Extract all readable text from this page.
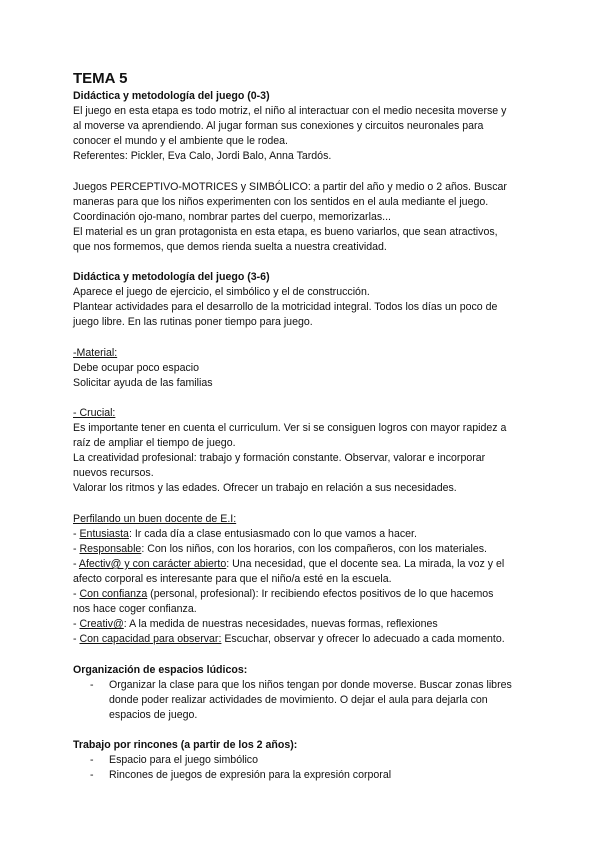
TEMA 5
Didáctica y metodología del juego (0-3)
El juego en esta etapa es todo motriz, el niño al interactuar con el medio necesita moverse y
al moverse va aprendiendo. Al jugar forman sus conexiones y circuitos neuronales para
conocer el mundo y el ambiente que le rodea.
Referentes: Pickler, Eva Calo, Jordi Balo, Anna Tardós.
Juegos PERCEPTIVO-MOTRICES y SIMBÓLICO: a partir del año y medio o 2 años. Buscar
maneras para que los niños experimenten con los sentidos en el aula mediante el juego.
Coordinación ojo-mano, nombrar partes del cuerpo, memorizarlas...
El material es un gran protagonista en esta etapa, es bueno variarlos, que sean atractivos,
que nos formemos, que demos rienda suelta a nuestra creatividad.
Didáctica y metodología del juego (3-6)
Aparece el juego de ejercicio, el simbólico y el de construcción.
Plantear actividades para el desarrollo de la motricidad integral. Todos los días un poco de
juego libre. En las rutinas poner tiempo para juego.
-Material:
Debe ocupar poco espacio
Solicitar ayuda de las familias
- Crucial:
Es importante tener en cuenta el curriculum. Ver si se consiguen logros con mayor rapidez a
raíz de ampliar el tiempo de juego.
La creatividad profesional: trabajo y formación constante. Observar, valorar e incorporar
nuevos recursos.
Valorar los ritmos y las edades. Ofrecer un trabajo en relación a sus necesidades.
Perfilando un buen docente de E.I:
- Entusiasta: Ir cada día a clase entusiasmado con lo que vamos a hacer.
- Responsable: Con los niños, con los horarios, con los compañeros, con los materiales.
- Afectiv@ y con carácter abierto: Una necesidad, que el docente sea. La mirada, la voz y el
afecto corporal es interesante para que el niño/a esté en la escuela.
- Con confianza (personal, profesional): Ir recibiendo efectos positivos de lo que hacemos
nos hace coger confianza.
- Creativ@: A la medida de nuestras necesidades, nuevas formas, reflexiones
- Con capacidad para observar: Escuchar, observar y ofrecer lo adecuado a cada momento.
Organización de espacios lúdicos:
-	Organizar la clase para que los niños tengan por donde moverse. Buscar zonas libres donde poder realizar actividades de movimiento. O dejar el aula para dejarla con espacios de juego.
Trabajo por rincones (a partir de los 2 años):
-	Espacio para el juego simbólico
-	Rincones de juegos de expresión para la expresión corporal
